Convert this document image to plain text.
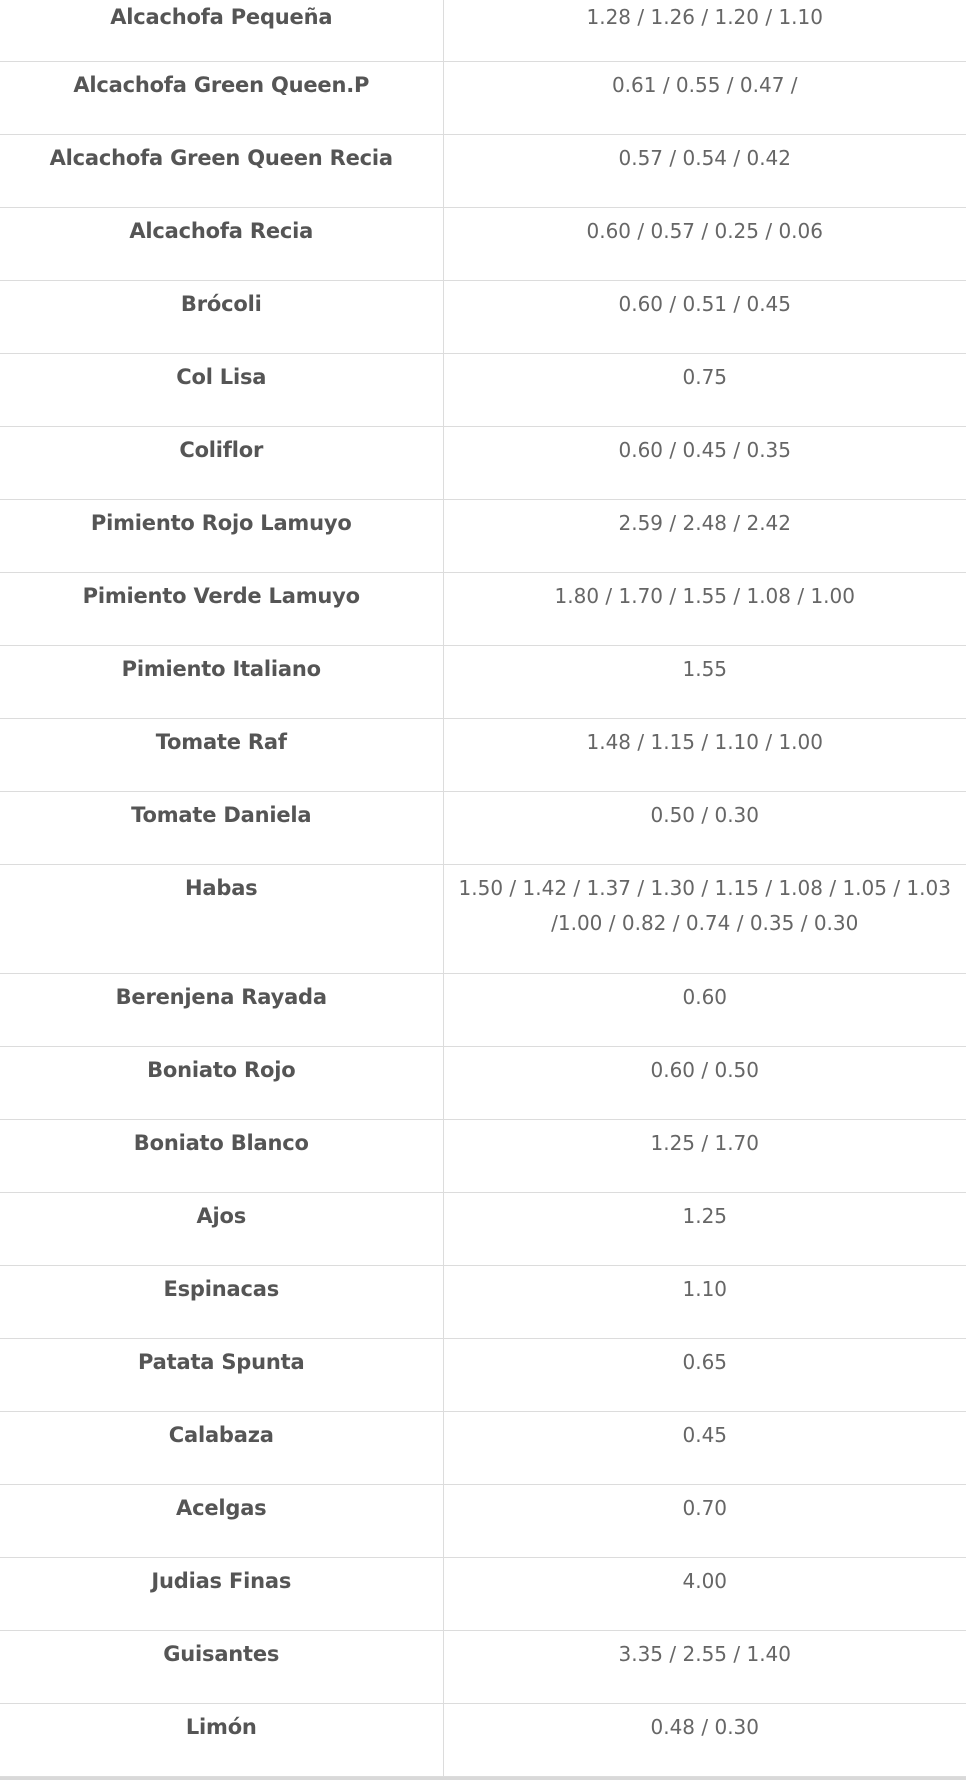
Alcachofa Pequeña	1.28 / 1.26 / 1.20 / 1.10
Alcachofa Green Queen.P	0.61 / 0.55 / 0.47 /
Alcachofa Green Queen Recia	0.57 / 0.54 / 0.42
Alcachofa Recia	0.60 / 0.57 / 0.25 / 0.06
Brócoli	0.60 / 0.51 / 0.45
Col Lisa	0.75
Coliflor	0.60 / 0.45 / 0.35
Pimiento Rojo Lamuyo	2.59 / 2.48 / 2.42
Pimiento Verde Lamuyo	1.80 / 1.70 / 1.55 / 1.08 / 1.00
Pimiento Italiano	1.55
Tomate Raf	1.48 / 1.15 / 1.10 / 1.00
Tomate Daniela	0.50 / 0.30
Habas	1.50 / 1.42 / 1.37 / 1.30 / 1.15 / 1.08 / 1.05 / 1.03 /1.00 / 0.82 / 0.74 / 0.35 / 0.30
Berenjena Rayada	0.60
Boniato Rojo	0.60 / 0.50
Boniato Blanco	1.25 / 1.70
Ajos	1.25
Espinacas	1.10
Patata Spunta	0.65
Calabaza	0.45
Acelgas	0.70
Judias Finas	4.00
Guisantes	3.35 / 2.55 / 1.40
Limón	0.48 / 0.30
